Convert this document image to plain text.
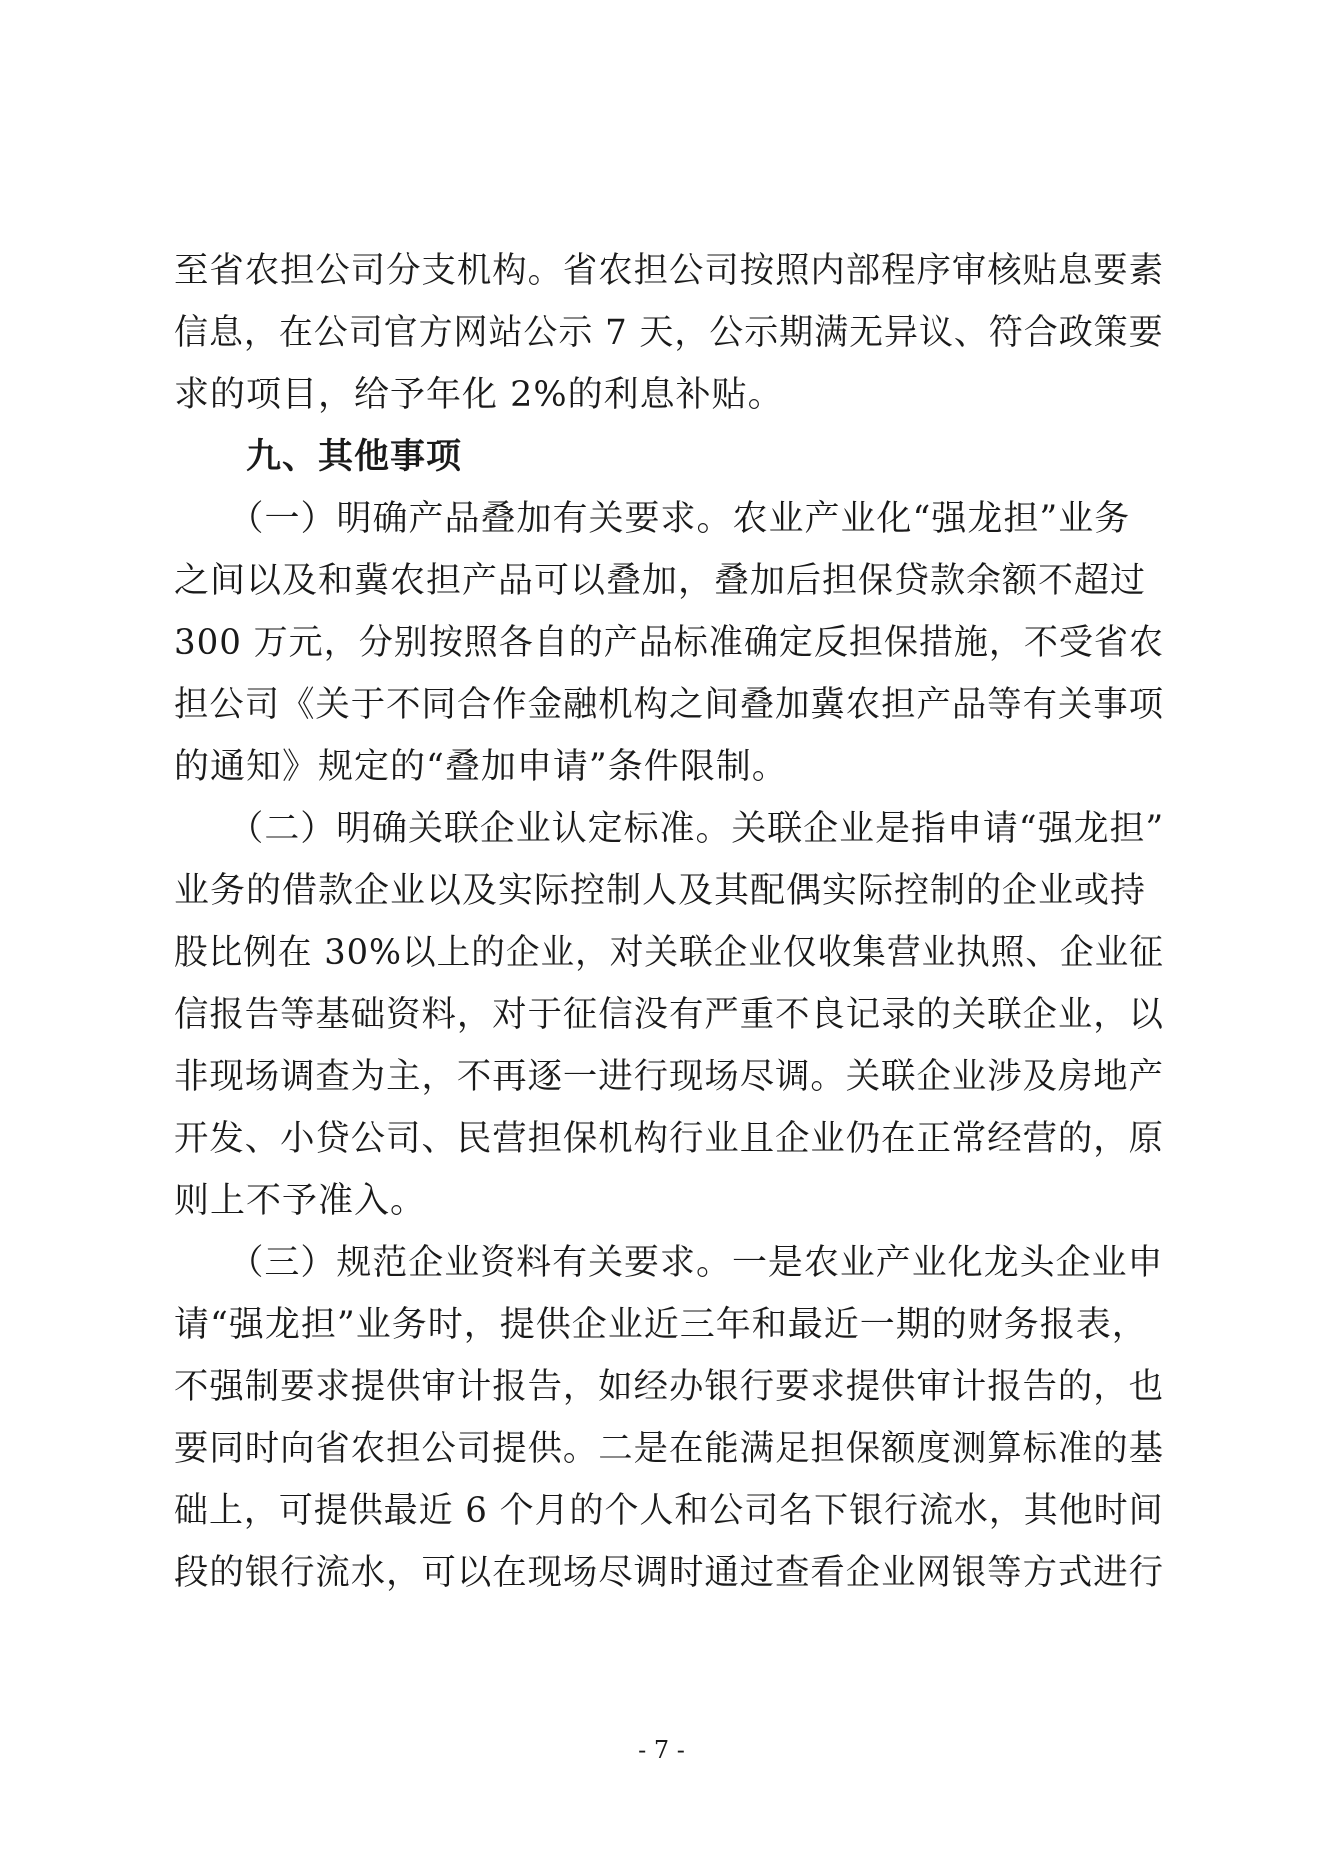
至省农担公司分支机构。省农担公司按照内部程序审核贴息要素
信息，在公司官方网站公示 7 天，公示期满无异议、符合政策要
求的项目，给予年化 2%的利息补贴。
　　九、其他事项
　　（一）明确产品叠加有关要求。农业产业化“强龙担”业务
之间以及和冀农担产品可以叠加，叠加后担保贷款余额不超过
300 万元，分别按照各自的产品标准确定反担保措施，不受省农
担公司《关于不同合作金融机构之间叠加冀农担产品等有关事项
的通知》规定的“叠加申请”条件限制。
　　（二）明确关联企业认定标准。关联企业是指申请“强龙担”
业务的借款企业以及实际控制人及其配偶实际控制的企业或持
股比例在 30%以上的企业，对关联企业仅收集营业执照、企业征
信报告等基础资料，对于征信没有严重不良记录的关联企业，以
非现场调查为主，不再逐一进行现场尽调。关联企业涉及房地产
开发、小贷公司、民营担保机构行业且企业仍在正常经营的，原
则上不予准入。
　　（三）规范企业资料有关要求。一是农业产业化龙头企业申
请“强龙担”业务时，提供企业近三年和最近一期的财务报表，
不强制要求提供审计报告，如经办银行要求提供审计报告的，也
要同时向省农担公司提供。二是在能满足担保额度测算标准的基
础上，可提供最近 6 个月的个人和公司名下银行流水，其他时间
段的银行流水，可以在现场尽调时通过查看企业网银等方式进行
- 7 -
